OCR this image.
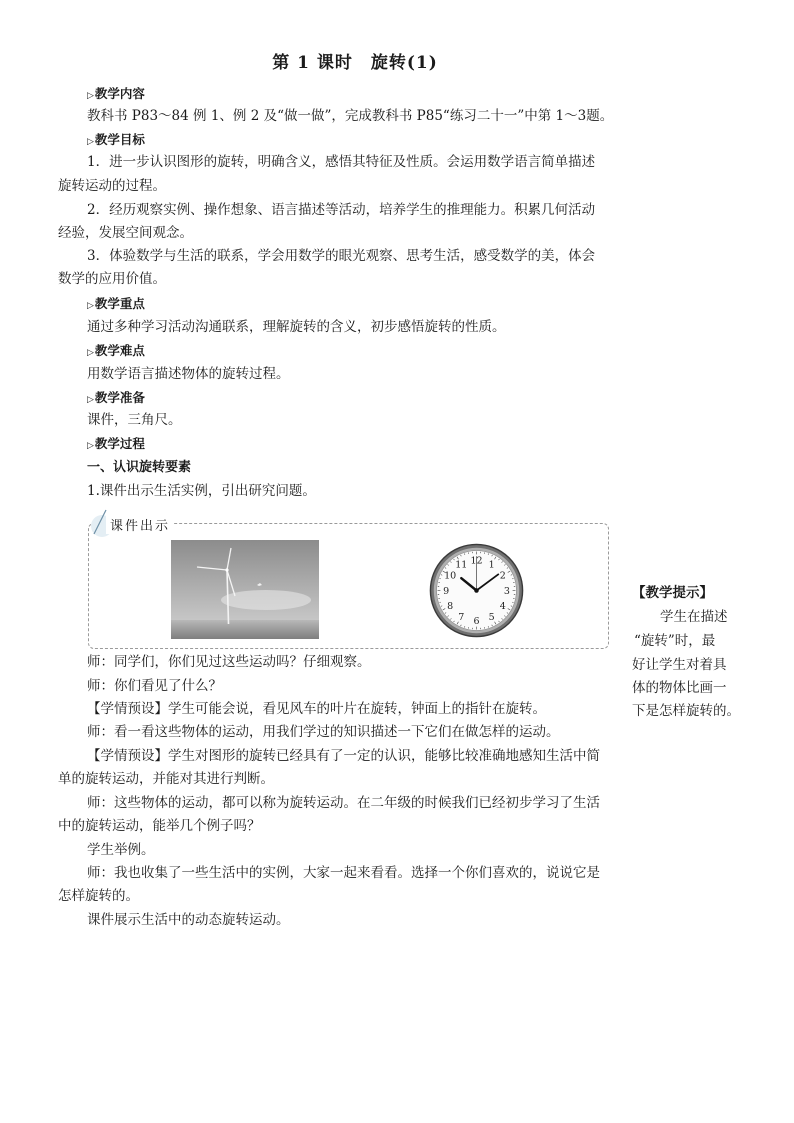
第 1 课时　旋转(1)
▷教学内容
教科书 P83～84 例 1、例 2 及“做一做”，完成教科书 P85“练习二十一”中第 1～3题。
▷教学目标
1．进一步认识图形的旋转，明确含义，感悟其特征及性质。会运用数学语言简单描述
旋转运动的过程。
2．经历观察实例、操作想象、语言描述等活动，培养学生的推理能力。积累几何活动
经验，发展空间观念。
3．体验数学与生活的联系，学会用数学的眼光观察、思考生活，感受数学的美，体会
数学的应用价值。
▷教学重点
通过多种学习活动沟通联系，理解旋转的含义，初步感悟旋转的性质。
▷教学难点
用数学语言描述物体的旋转过程。
▷教学准备
课件，三角尺。
▷教学过程
一、认识旋转要素
1.课件出示生活实例，引出研究问题。
课件出示
12 1
2
3
4
5
6
7
8
9
10
11
师：同学们，你们见过这些运动吗？仔细观察。
师：你们看见了什么？
【学情预设】学生可能会说，看见风车的叶片在旋转，钟面上的指针在旋转。
师：看一看这些物体的运动，用我们学过的知识描述一下它们在做怎样的运动。
【学情预设】学生对图形的旋转已经具有了一定的认识，能够比较准确地感知生活中简
单的旋转运动，并能对其进行判断。
师：这些物体的运动，都可以称为旋转运动。在二年级的时候我们已经初步学习了生活
中的旋转运动，能举几个例子吗？
学生举例。
师：我也收集了一些生活中的实例，大家一起来看看。选择一个你们喜欢的，说说它是
怎样旋转的。
课件展示生活中的动态旋转运动。
【教学提示】
学生在描述
“旋转”时，最
好让学生对着具
体的物体比画一
下是怎样旋转的。
